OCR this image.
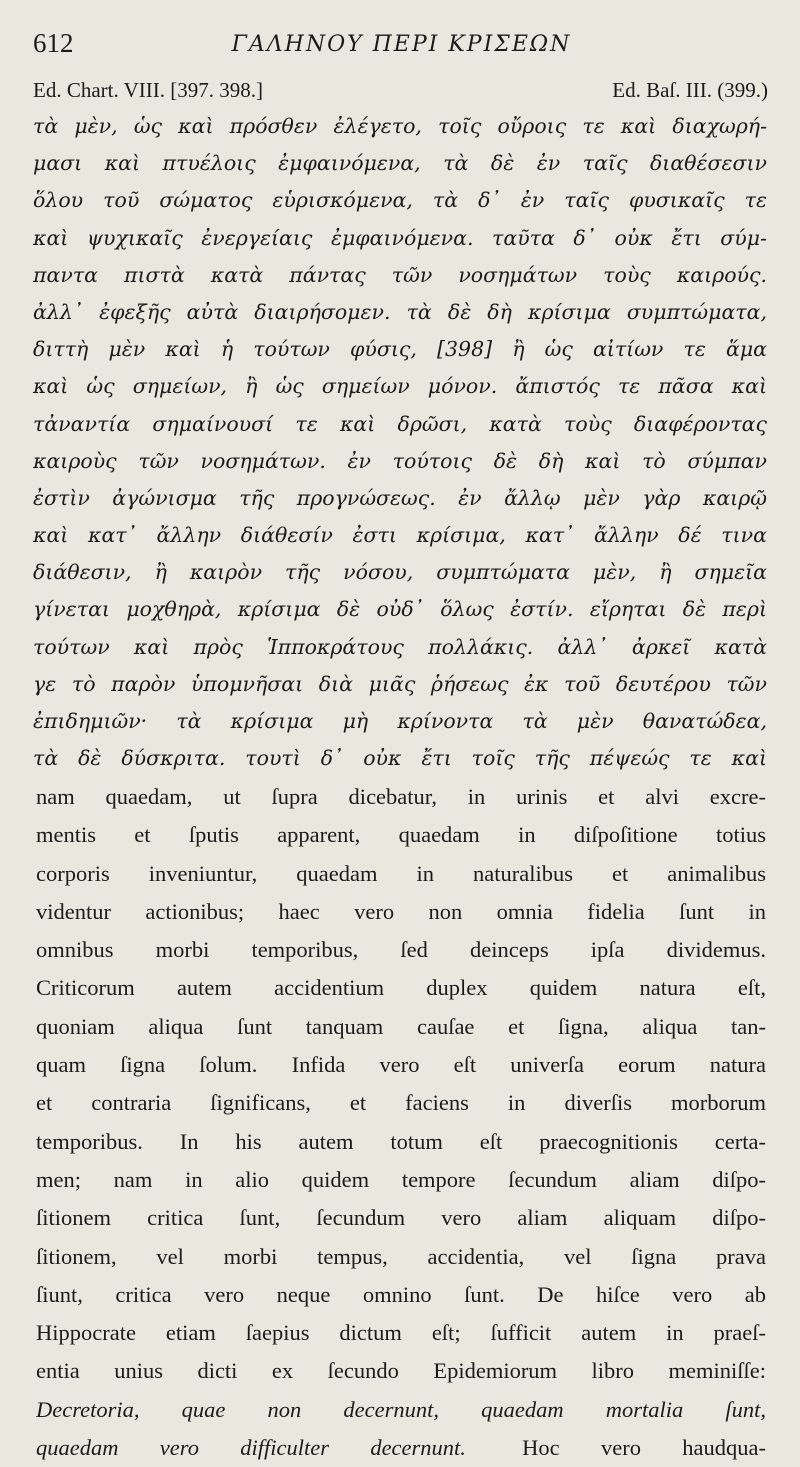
612	ΓΑΛΗΝΟΥ ΠΕΡΙ ΚΡΙΣΕΩΝ
Ed. Chart. VIII. [397. 398.]	Ed. Baſ. III. (399.)
τὰ μὲν, ὡς καὶ πρόσθεν ἐλέγετο, τοῖς οὔροις τε καὶ διαχωρή-
μασι καὶ πτυέλοις ἐμφαινόμενα, τὰ δὲ ἐν ταῖς διαθέσεσιν
ὅλου τοῦ σώματος εὑρισκόμενα, τὰ δ᾽ ἐν ταῖς φυσικαῖς τε
καὶ ψυχικαῖς ἐνεργείαις ἐμφαινόμενα. ταῦτα δ᾽ οὐκ ἔτι σύμ-
παντα πιστὰ κατὰ πάντας τῶν νοσημάτων τοὺς καιρούς.
ἀλλ᾽ ἐφεξῆς αὐτὰ διαιρήσομεν. τὰ δὲ δὴ κρίσιμα συμπτώματα,
διττὴ μὲν καὶ ἡ τούτων φύσις, [398] ἢ ὡς αἰτίων τε ἅμα
καὶ ὡς σημείων, ἢ ὡς σημείων μόνον. ἄπιστός τε πᾶσα καὶ
τἀναντία σημαίνουσί τε καὶ δρῶσι, κατὰ τοὺς διαφέροντας
καιροὺς τῶν νοσημάτων. ἐν τούτοις δὲ δὴ καὶ τὸ σύμπαν
ἐστὶν ἀγώνισμα τῆς προγνώσεως. ἐν ἄλλῳ μὲν γὰρ καιρῷ
καὶ κατ᾽ ἄλλην διάθεσίν ἐστι κρίσιμα, κατ᾽ ἄλλην δέ τινα
διάθεσιν, ἢ καιρὸν τῆς νόσου, συμπτώματα μὲν, ἢ σημεῖα
γίνεται μοχθηρὰ, κρίσιμα δὲ οὐδ᾽ ὅλως ἐστίν. εἴρηται δὲ περὶ
τούτων καὶ πρὸς Ἱπποκράτους πολλάκις. ἀλλ᾽ ἀρκεῖ κατὰ
γε τὸ παρὸν ὑπομνῆσαι διὰ μιᾶς ῥήσεως ἐκ τοῦ δευτέρου τῶν
ἐπιδημιῶν· τὰ κρίσιμα μὴ κρίνοντα τὰ μὲν θανατώδεα,
τὰ δὲ δύσκριτα. τουτὶ δ᾽ οὐκ ἔτι τοῖς τῆς πέψεώς τε καὶ
nam quaedam, ut ſupra dicebatur, in urinis et alvi excre-
mentis et ſputis apparent, quaedam in diſpoſitione totius
corporis inveniuntur, quaedam in naturalibus et animalibus
videntur actionibus; haec vero non omnia fidelia ſunt in
omnibus morbi temporibus, ſed deinceps ipſa dividemus.
Criticorum autem accidentium duplex quidem natura eſt,
quoniam aliqua ſunt tanquam cauſae et ſigna, aliqua tan-
quam ſigna ſolum. Infida vero eſt univerſa eorum natura
et contraria ſignificans, et faciens in diverſis morborum
temporibus. In his autem totum eſt praecognitionis certa-
men; nam in alio quidem tempore ſecundum aliam diſpo-
ſitionem critica ſunt, ſecundum vero aliam aliquam diſpo-
ſitionem, vel morbi tempus, accidentia, vel ſigna prava
ſiunt, critica vero neque omnino ſunt. De hiſce vero ab
Hippocrate etiam ſaepius dictum eſt; ſufficit autem in praeſ-
entia unius dicti ex ſecundo Epidemiorum libro meminiſſe:
Decretoria, quae non decernunt, quaedam mortalia ſunt,
quaedam vero difficulter decernunt.   	Hoc vero haudqua-
